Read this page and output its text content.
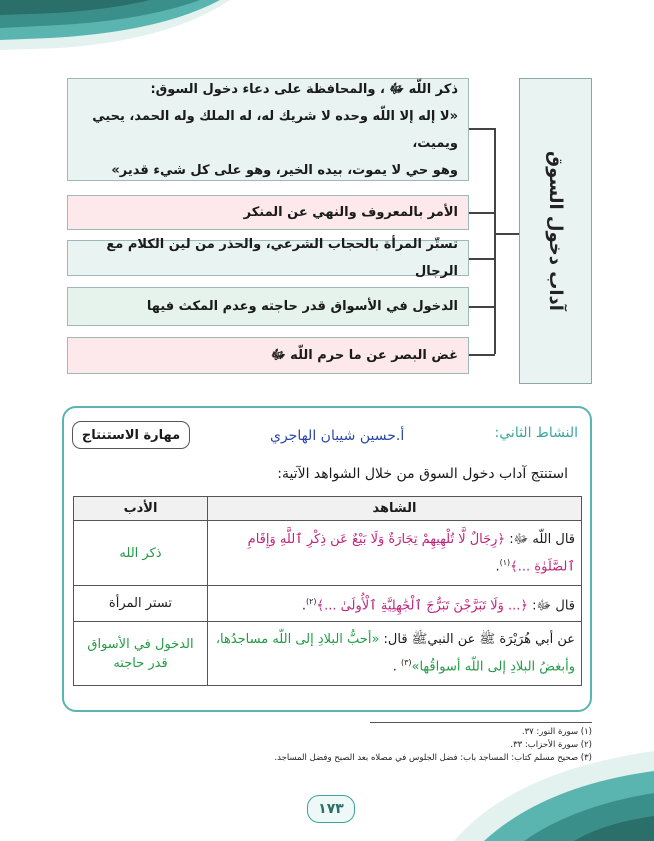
آداب دخول السوق
ذكر اللّه ﷻ ، والمحافظة على دعاء دخول السوق:
«لا إله إلا اللّه وحده لا شريك له، له الملك وله الحمد، يحيي ويميت،
وهو حي لا يموت، بيده الخير، وهو على كل شيء قدير»
الأمر بالمعروف والنهي عن المنكر
تستّر المرأة بالحجاب الشرعي، والحذر من لين الكلام مع الرجال
الدخول في الأسواق قدر حاجته وعدم المكث فيها
غض البصر عن ما حرم اللّه ﷻ
مهارة الاستنتاج	النشاط الثاني:
أ.حسين شيبان الهاجري
استنتج آداب دخول السوق من خلال الشواهد الآتية:
الشاهد	الأدب
قال اللّه ﷻ: ﴿رِجَالٌ لَّا تُلْهِيهِمْ تِجَارَةٌ وَلَا بَيْعٌ عَن ذِكْرِ ٱللَّهِ وَإِقَامِ ٱلصَّلَوٰةِ ...﴾$^{(١)}$.	ذكر الله
قال ﷻ: ﴿... وَلَا تَبَرَّجْنَ تَبَرُّجَ ٱلْجَٰهِلِيَّةِ ٱلْأُولَىٰ ...﴾$^{(٢)}$.	تستر المرأة
عن أبي هُرَيْرَة ﷺ عن النبيﷺ قال: «أحبُّ البلادِ إلى اللّه مساجدُها، وأبغضُ البلادِ إلى اللّه أسواقُها»$^{(٣)}$ .	الدخول في الأسواق قدر حاجته
(١) سورة النور: ٣٧.
(٢) سورة الأحزاب: ٣٣.
(٣) صحيح مسلم كتاب: المساجد باب: فضل الجلوس في مصلاه بعد الصبح وفضل المساجد.
١٧٣
